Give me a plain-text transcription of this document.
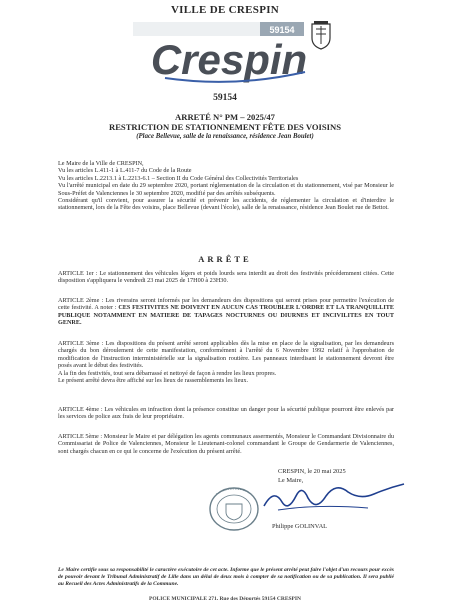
VILLE DE CRESPIN
59154
Crespin
59154
ARRETÉ N° PM – 2025/47
RESTRICTION DE STATIONNEMENT FÊTE DES VOISINS
(Place Bellevue, salle de la renaissance, résidence Jean Boulet)

Le Maire de la Ville de CRESPIN,

Vu les articles L.411-1 à L.411-7 du Code de la Route

Vu les articles L.2213.1 à L.2213-6.1 – Section II du Code Général des Collectivités Territoriales

Vu l'arrêté municipal en date du 29 septembre 2020, portant réglementation de la circulation et du stationnement, visé par Monsieur le Sous-Préfet de Valenciennes le 30 septembre 2020, modifié par des arrêtés subséquents.

Considérant qu'il convient, pour assurer la sécurité et prévenir les accidents, de réglementer la circulation et d'interdire le stationnement, lors de la Fête des voisins, place Bellevue (devant l'école), salle de la renaissance, résidence Jean Boulet rue de Bettot.

ARRÊTE
ARTICLE 1er : Le stationnement des véhicules légers et poids lourds sera interdit au droit des festivités précédemment citées. Cette disposition s'appliquera le vendredi 23 mai 2025 de 17H00 à 23H30.
ARTICLE 2ème : Les riverains seront informés par les demandeurs des dispositions qui seront prises pour permettre l'exécution de cette festivité. A noter : CES FESTIVITES NE DOIVENT EN AUCUN CAS TROUBLER L'ORDRE ET LA TRANQUILLITE PUBLIQUE NOTAMMENT EN MATIERE DE TAPAGES NOCTURNES OU DIURNES ET INCIVILITES EN TOUT GENRE.

ARTICLE 3ème : Les dispositions du présent arrêté seront applicables dès la mise en place de la signalisation, par les demandeurs chargés du bon déroulement de cette manifestation, conformément à l'arrêté du 6 Novembre 1992 relatif à l'approbation de modification de l'instruction interministérielle sur la signalisation routière. Les panneaux interdisant le stationnement devront être posés avant le début des festivités.

A la fin des festivités, tout sera débarrassé et nettoyé de façon à rendre les lieux propres.

Le présent arrêté devra être affiché sur les lieux de rassemblements les lieux.

ARTICLE 4ème : Les véhicules en infraction dont la présence constitue un danger pour la sécurité publique pourront être enlevés par les services de police aux frais de leur propriétaire.
ARTICLE 5ème : Monsieur le Maire et par délégation les agents communaux assermentés, Monsieur le Commandant Divisionnaire du Commissariat de Police de Valenciennes, Monsieur le Lieutenant-colonel commandant le Groupe de Gendarmerie de Valenciennes, sont chargés chacun en ce qui le concerne de l'exécution du présent arrêté.
CRESPIN, le 20 mai 2025
Le Maire,
Philippe GOLINVAL
Le Maire certifie sous sa responsabilité le caractère exécutoire de cet acte. Informe que le présent arrêté peut faire l'objet d'un recours pour excès de pouvoir devant le Tribunal Administratif de Lille dans un délai de deux mois à compter de sa notification ou de sa publication. Il sera publié au Recueil des Actes Administratifs de la Commune.
POLICE MUNICIPALE 271, Rue des Déportés 59154 CRESPIN
